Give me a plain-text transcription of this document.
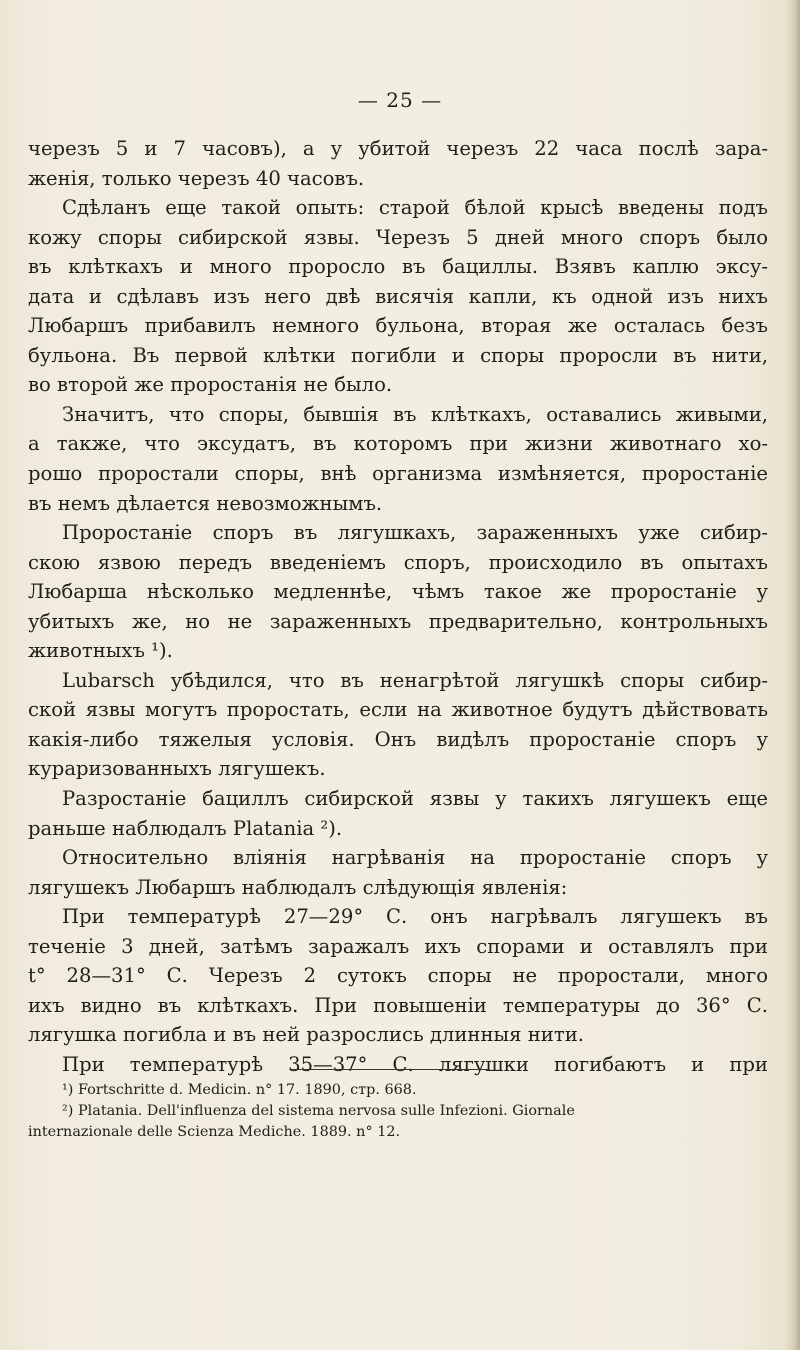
— 25 —
черезъ 5 и 7 часовъ), а у убитой черезъ 22 часа послѣ зара-
женія, только черезъ 40 часовъ.
Сдѣланъ еще такой опыть: старой бѣлой крысѣ введены подъ
кожу споры сибирской язвы. Черезъ 5 дней много споръ было
въ клѣткахъ и много проросло въ бациллы. Взявъ каплю эксу-
дата и сдѣлавъ изъ него двѣ висячія капли, къ одной изъ нихъ
Любаршъ прибавилъ немного бульона, вторая же осталась безъ
бульона. Въ первой клѣтки погибли и споры проросли въ нити,
во второй же проростанія не было.
Значитъ, что споры, бывшія въ клѣткахъ, оставались живыми,
а также, что эксудатъ, въ которомъ при жизни животнаго хо-
рошо проростали споры, внѣ организма измѣняется, проростаніе
въ немъ дѣлается невозможнымъ.
Проростаніе споръ въ лягушкахъ, зараженныхъ уже сибир-
скою язвою передъ введеніемъ споръ, происходило въ опытахъ
Любарша нѣсколько медленнѣе, чѣмъ такое же проростаніе у
убитыхъ же, но не зараженныхъ предварительно, контрольныхъ
животныхъ ¹).
Lubarsch убѣдился, что въ ненагрѣтой лягушкѣ споры сибир-
ской язвы могутъ проростать, если на животное будутъ дѣйствовать
какія-либо тяжелыя условія. Онъ видѣлъ проростаніе споръ у
кураризованныхъ лягушекъ.
Разростаніе бациллъ сибирской язвы у такихъ лягушекъ еще
раньше наблюдалъ Platania ²).
Относительно вліянія нагрѣванія на проростаніе споръ у
лягушекъ Любаршъ наблюдалъ слѣдующія явленія:
При температурѣ 27—29° С. онъ нагрѣвалъ лягушекъ въ
теченіе 3 дней, затѣмъ заражалъ ихъ спорами и оставлялъ при
t° 28—31° С. Черезъ 2 сутокъ споры не проростали, много
ихъ видно въ клѣткахъ. При повышеніи температуры до 36° С.
лягушка погибла и въ ней разрослись длинныя нити.
При температурѣ 35—37° С. лягушки погибаютъ и при
¹) Fortschritte d. Medicin. n° 17. 1890, стр. 668.
²) Platania. Dell'influenza del sistema nervosa sulle Infezioni. Giornale
internazionale delle Scienza Mediche. 1889. n° 12.
